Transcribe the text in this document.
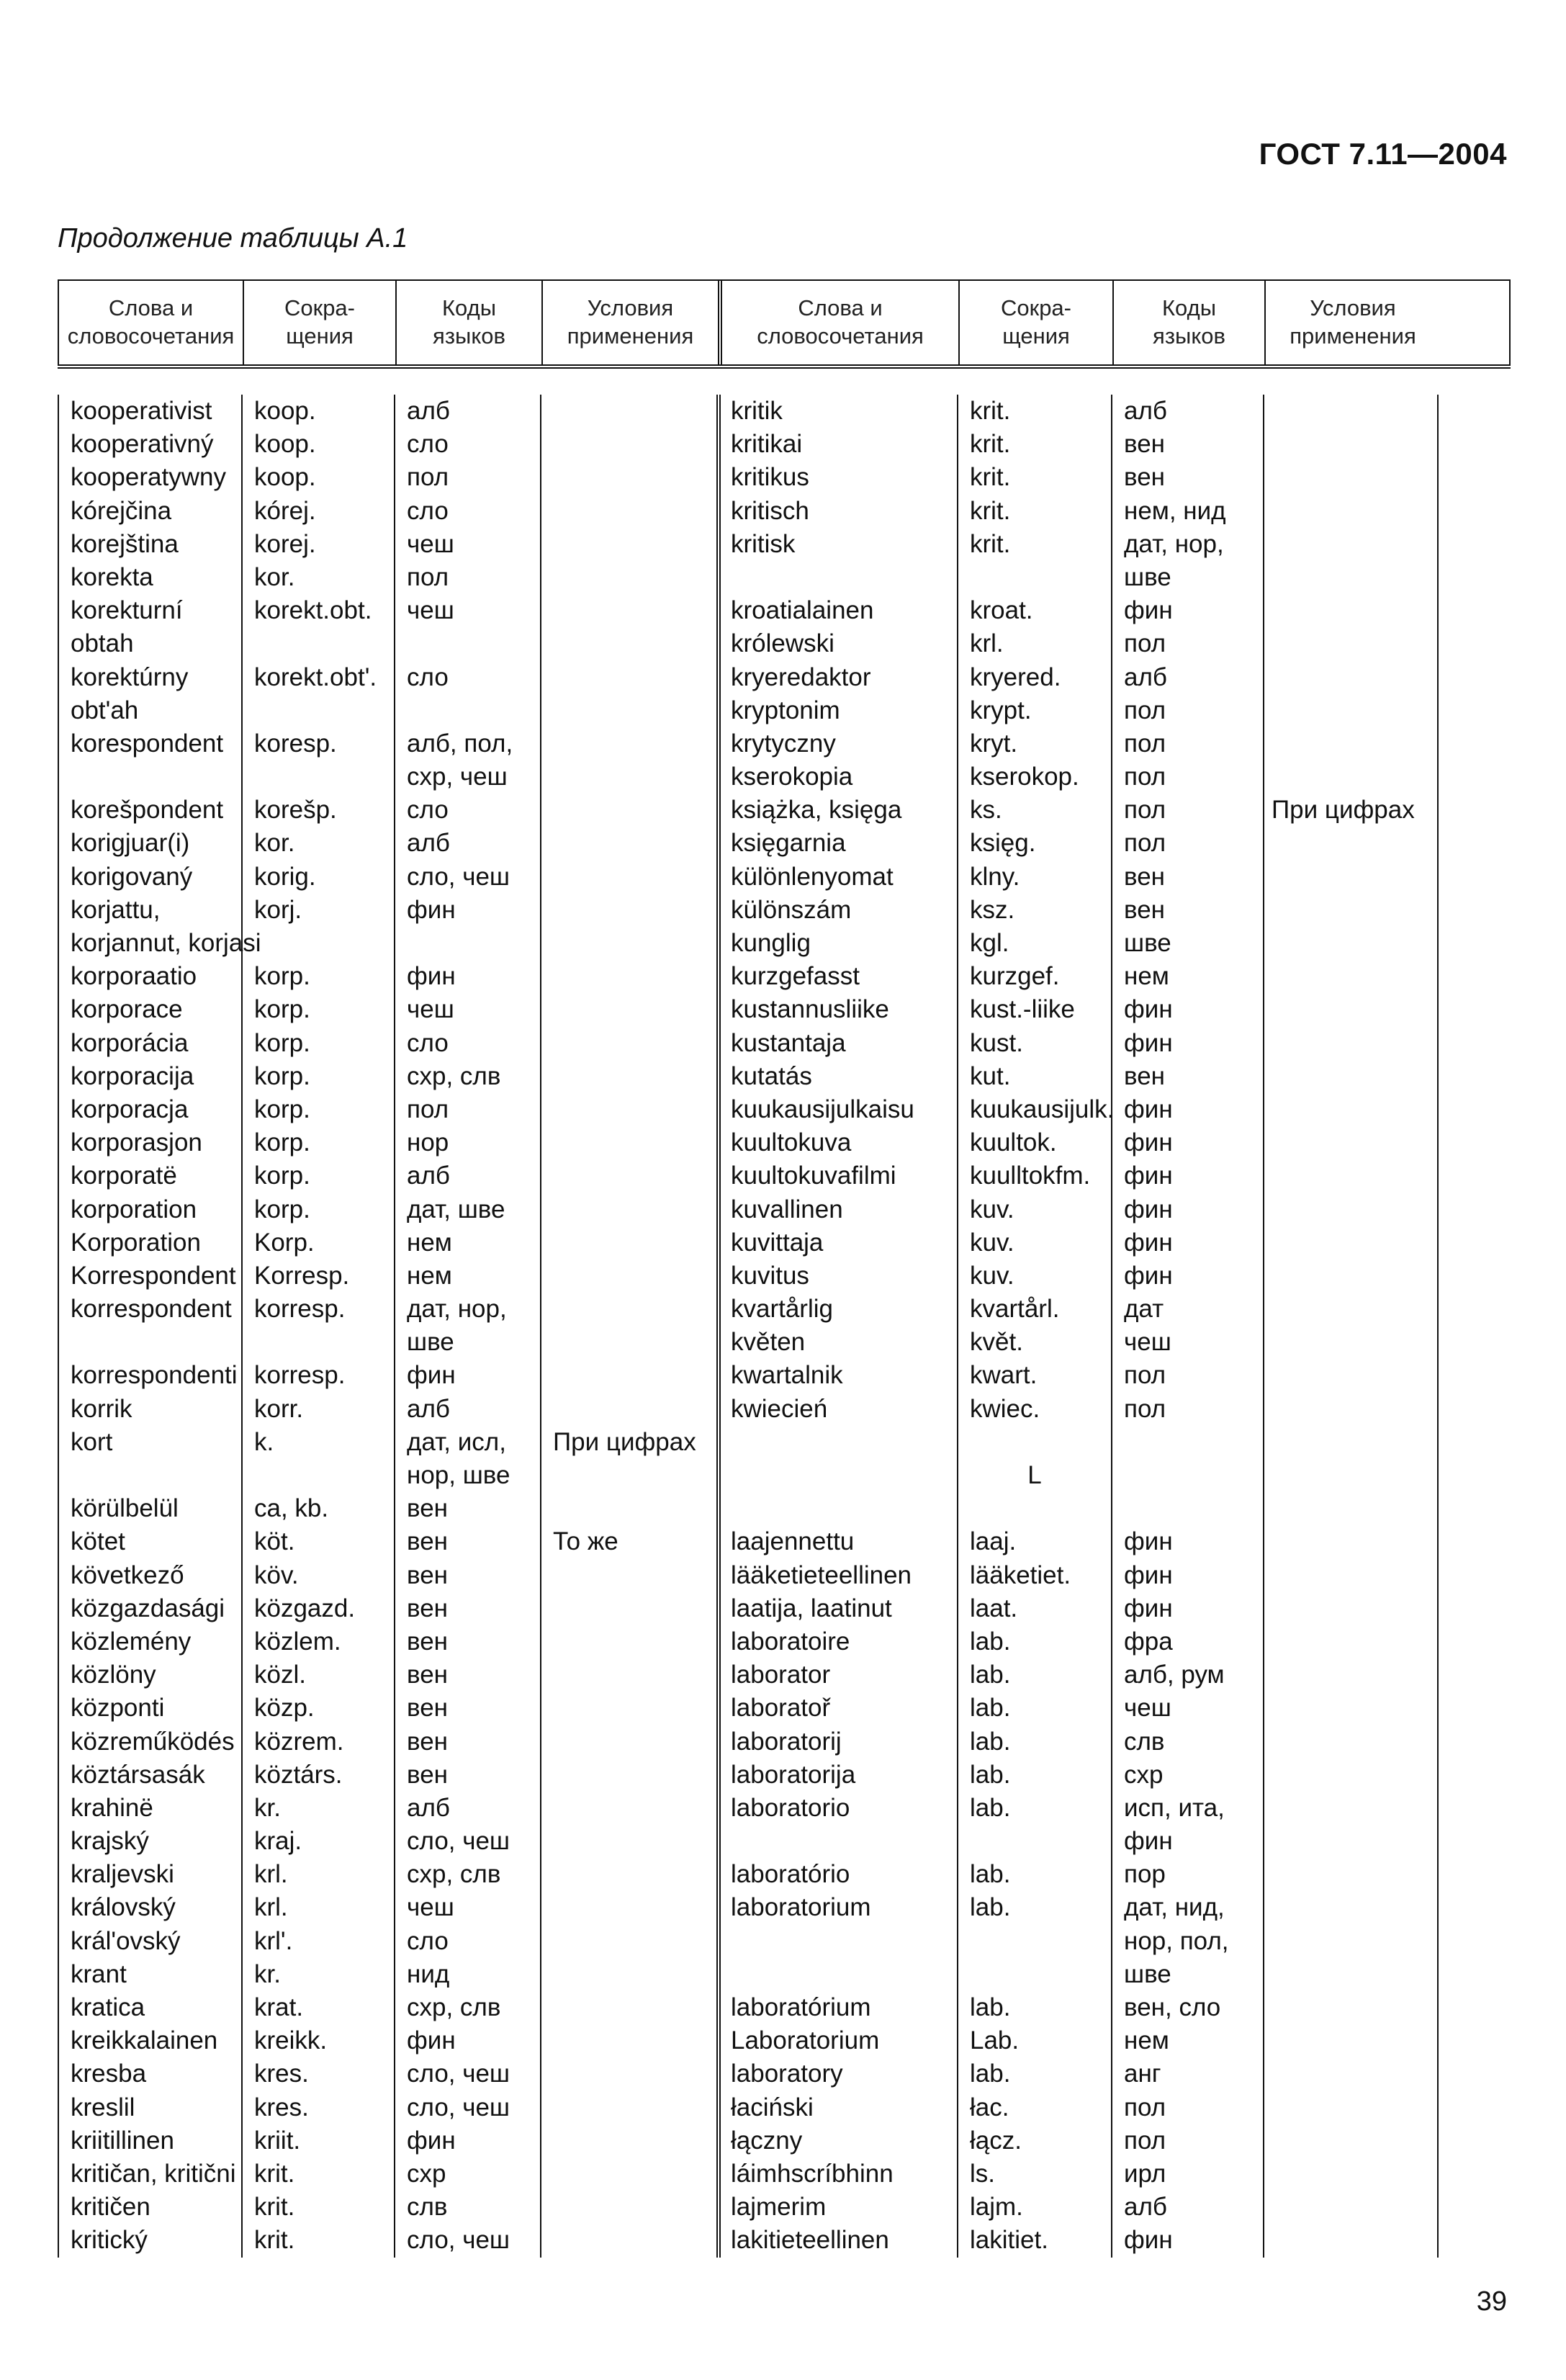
ГОСТ 7.11—2004
Продолжение таблицы А.1
Слова и
словосочетания
Сокра-
щения
Коды
языков
Условия
применения
Слова и
словосочетания
Сокра-
щения
Коды
языков
Условия
применения
kooperativist
kooperativný
kooperatywny
kórejčina
korejština
korekta
korekturní
obtah
korektúrny
obt'ah
korespondent
korešpondent
korigjuar(i)
korigovaný
korjattu,
korjannut, korjasi
korporaatio
korporace
korporácia
korporacija
korporacja
korporasjon
korporatë
korporation
Korporation
Korrespondent
korrespondent
korrespondenti
korrik
kort
körülbelül
kötet
következő
közgazdasági
közlemény
közlöny
központi
közreműködés
köztársasák
krahinë
krajský
kraljevski
královský
král'ovský
krant
kratica
kreikkalainen
kresba
kreslil
kriitillinen
kritičan, kritični
kritičen
kritický
koop.
koop.
koop.
kórej.
korej.
kor.
korekt.obt.
korekt.obt'.
koresp.
korešp.
kor.
korig.
korj.
korp.
korp.
korp.
korp.
korp.
korp.
korp.
korp.
Korp.
Korresp.
korresp.
korresp.
korr.
k.
ca, kb.
köt.
köv.
közgazd.
közlem.
közl.
közp.
közrem.
köztárs.
kr.
kraj.
krl.
krl.
krl'.
kr.
krat.
kreikk.
kres.
kres.
kriit.
krit.
krit.
krit.
алб
сло
пол
сло
чеш
пол
чеш
сло
алб, пол,
схр, чеш
сло
алб
сло, чеш
фин
фин
чеш
сло
схр, слв
пол
нор
алб
дат, шве
нем
нем
дат, нор,
шве
фин
алб
дат, исл,
нор, шве
вен
вен
вен
вен
вен
вен
вен
вен
вен
алб
сло, чеш
схр, слв
чеш
сло
нид
схр, слв
фин
сло, чеш
сло, чеш
фин
схр
слв
сло, чеш
При цифрах
То же
kritik
kritikai
kritikus
kritisch
kritisk
kroatialainen
królewski
kryeredaktor
kryptonim
krytyczny
kserokopia
książka, księga
księgarnia
különlenyomat
különszám
kunglig
kurzgefasst
kustannusliike
kustantaja
kutatás
kuukausijulkaisu
kuultokuva
kuultokuvafilmi
kuvallinen
kuvittaja
kuvitus
kvartårlig
květen
kwartalnik
kwiecień
laajennettu
lääketieteellinen
laatija, laatinut
laboratoire
laborator
laboratoř
laboratorij
laboratorija
laboratorio
laboratório
laboratorium
laboratórium
Laboratorium
laboratory
łaciński
łączny
láimhscríbhinn
lajmerim
lakitieteellinen
krit.
krit.
krit.
krit.
krit.
kroat.
krl.
kryered.
krypt.
kryt.
kserokop.
ks.
księg.
klny.
ksz.
kgl.
kurzgef.
kust.-liike
kust.
kut.
kuukausijulk.
kuultok.
kuulltokfm.
kuv.
kuv.
kuv.
kvartårl.
květ.
kwart.
kwiec.
L
laaj.
lääketiet.
laat.
lab.
lab.
lab.
lab.
lab.
lab.
lab.
lab.
lab.
Lab.
lab.
łac.
łącz.
ls.
lajm.
lakitiet.
алб
вен
вен
нем, нид
дат, нор,
шве
фин
пол
алб
пол
пол
пол
пол
пол
вен
вен
шве
нем
фин
фин
вен
фин
фин
фин
фин
фин
фин
дат
чеш
пол
пол
фин
фин
фин
фра
алб, рум
чеш
слв
схр
исп, ита,
фин
пор
дат, нид,
нор, пол,
шве
вен, сло
нем
анг
пол
пол
ирл
алб
фин
При цифрах
39
